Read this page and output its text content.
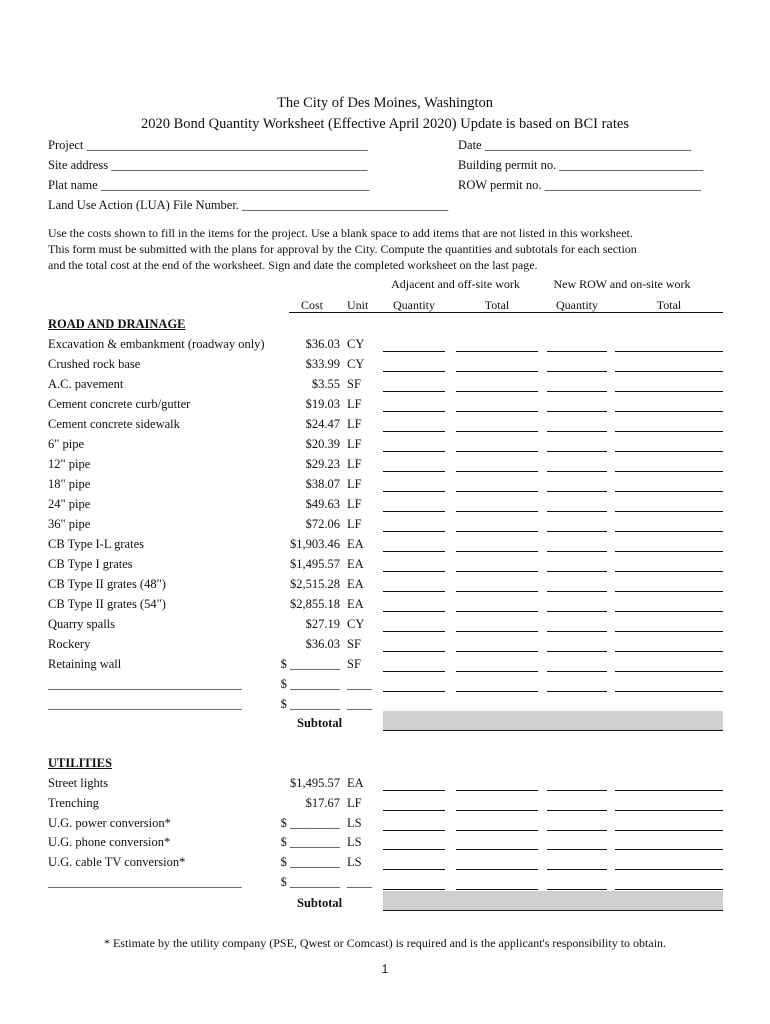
The City of Des Moines, Washington
2020 Bond Quantity Worksheet (Effective April 2020) Update is based on BCI rates
Project _____________________________________________	Date _________________________________
Site address _________________________________________	Building permit no. _______________________
Plat name ___________________________________________	ROW permit no. _________________________
Land Use Action (LUA) File Number. _________________________________
Use the costs shown to fill in the items for the project. Use a blank space to add items that are not listed in this worksheet.
This form must be submitted with the plans for approval by the City. Compute the quantities and subtotals for each section
and the total cost at the end of the worksheet. Sign and date the completed worksheet on the last page.
Adjacent and off-site work	New ROW and on-site work
Cost Unit	Quantity	Total	Quantity	Total
ROAD AND DRAINAGE
UTILITIES
Excavation & embankment (roadway only)	$36.03 CY
Crushed rock base	$33.99 CY
A.C. pavement	$3.55 SF
Cement concrete curb/gutter	$19.03 LF
Cement concrete sidewalk	$24.47 LF
6" pipe	$20.39 LF
12" pipe	$29.23 LF
18" pipe	$38.07 LF
24" pipe	$49.63 LF
36" pipe	$72.06 LF
CB Type I-L grates	$1,903.46 EA
CB Type I grates	$1,495.57 EA
CB Type II grates (48")	$2,515.28 EA
CB Type II grates (54")	$2,855.18 EA
Quarry spalls	$27.19 CY
Rockery	$36.03 SF
Retaining wall	$ ________ SF
_______________________________	$ ________ ____
_______________________________	$ ________ ____
Subtotal
Street lights	$1,495.57 EA
Trenching	$17.67 LF
U.G. power conversion*	$ ________ LS
U.G. phone conversion*	$ ________ LS
U.G. cable TV conversion*	$ ________ LS
_______________________________	$ ________ ____
Subtotal
* Estimate by the utility company (PSE, Qwest or Comcast) is required and is the applicant's responsibility to obtain.
1
